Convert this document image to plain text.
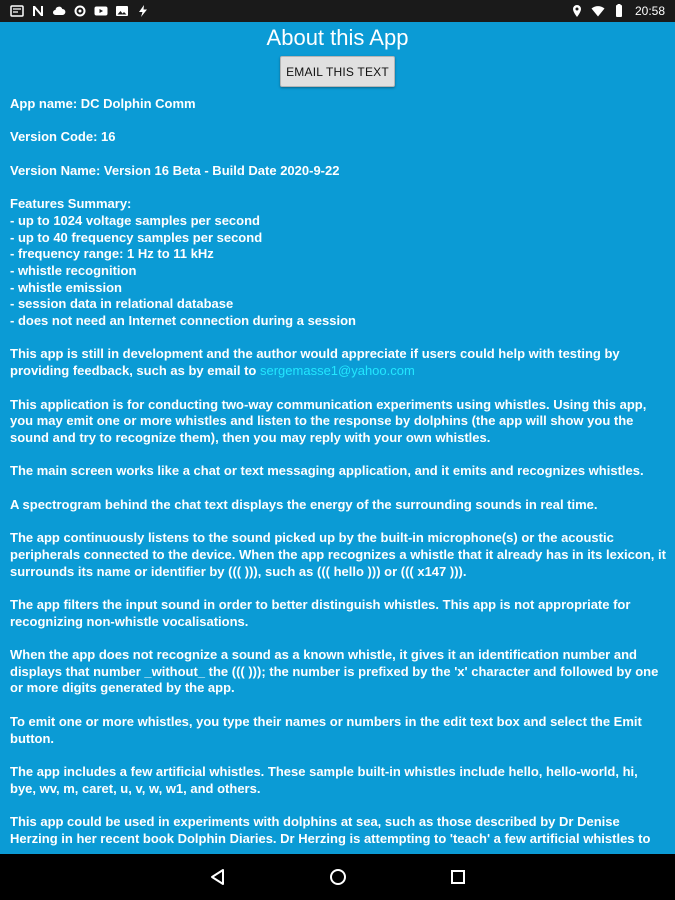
20:58
About this App
EMAIL THIS TEXT

App name: DC Dolphin Comm

Version Code: 16

Version Name: Version 16 Beta - Build Date 2020-9-22

Features Summary:
- up to 1024 voltage samples per second
- up to 40 frequency samples per second
- frequency range: 1 Hz to 11 kHz
- whistle recognition
- whistle emission
- session data in relational database
- does not need an Internet connection during a session

This app is still in development and the author would appreciate if users could help with testing by providing feedback, such as by email to sergemasse1@yahoo.com

This application is for conducting two-way communication experiments using whistles. Using this app, you may emit one or more whistles and listen to the response by dolphins (the app will show you the sound and try to recognize them), then you may reply with your own whistles.

The main screen works like a chat or text messaging application, and it emits and recognizes whistles.

A spectrogram behind the chat text displays the energy of the surrounding sounds in real time.

The app continuously listens to the sound picked up by the built-in microphone(s) or the acoustic peripherals connected to the device. When the app recognizes a whistle that it already has in its lexicon, it surrounds its name or identifier by ((( ))), such as ((( hello ))) or ((( x147 ))).

The app filters the input sound in order to better distinguish whistles. This app is not appropriate for recognizing non-whistle vocalisations.

When the app does not recognize a sound as a known whistle, it gives it an identification number and displays that number _without_ the ((( ))); the number is prefixed by the 'x' character and followed by one or more digits generated by the app.

To emit one or more whistles, you type their names or numbers in the edit text box and select the Emit button.

The app includes a few artificial whistles. These sample built-in whistles include hello, hello-world, hi, bye, wv, m, caret, u, v, w, w1, and others.

This app could be used in experiments with dolphins at sea, such as those described by Dr Denise Herzing in her recent book Dolphin Diaries. Dr Herzing is attempting to 'teach' a few artificial whistles to
